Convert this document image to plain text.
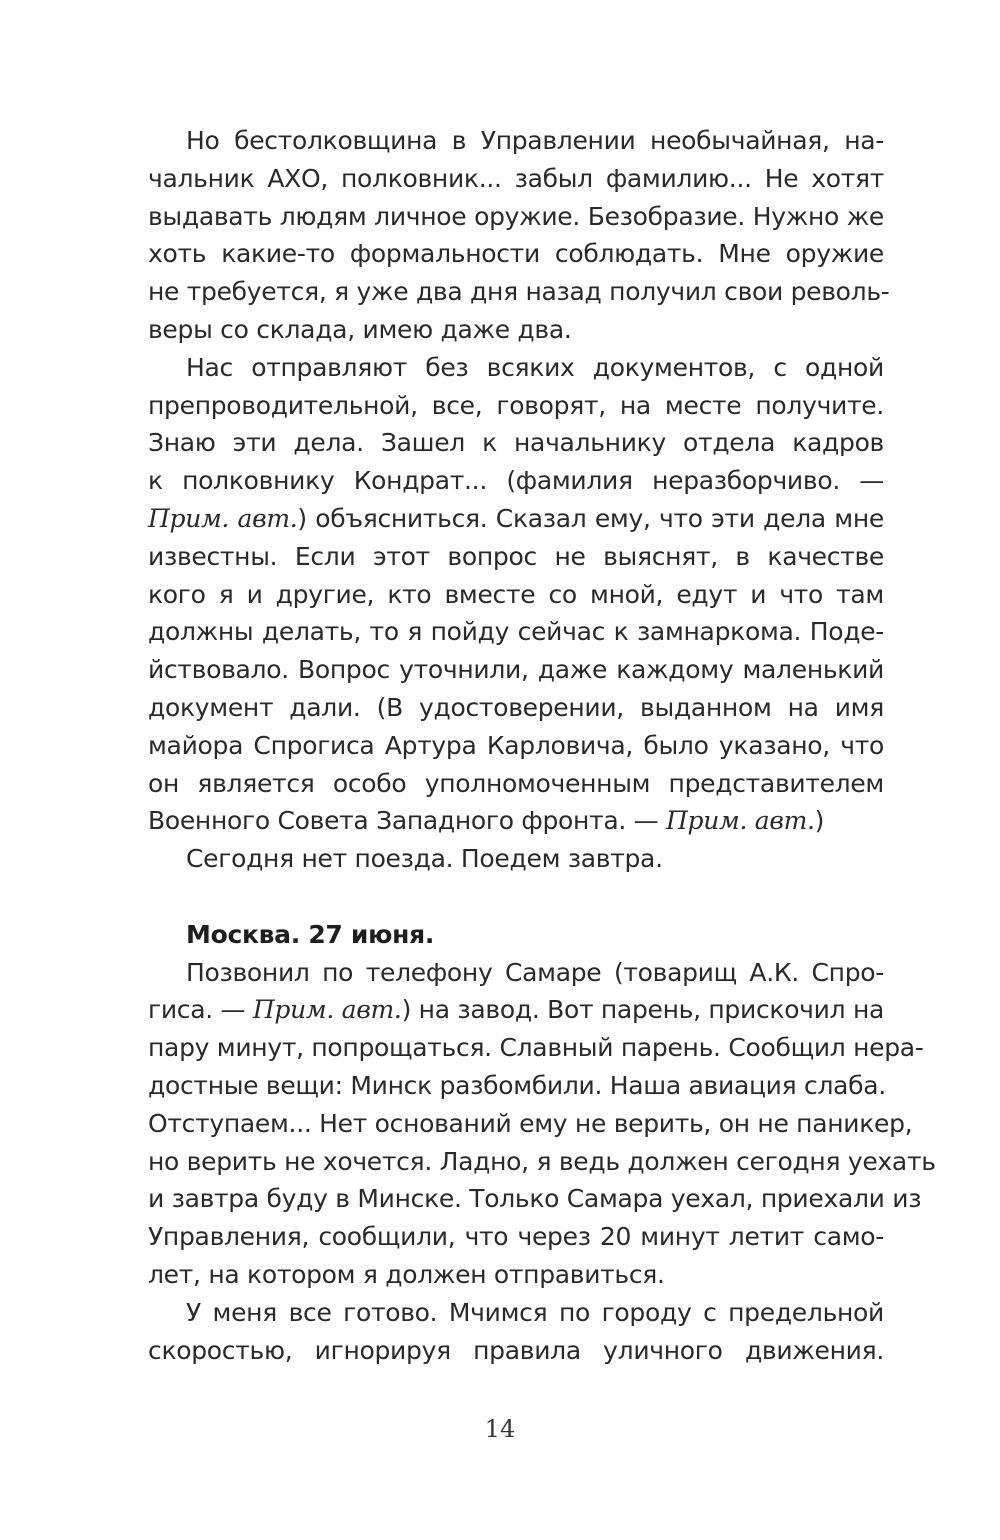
Но бестолковщина в Управлении необычайная, на-
чальник АХО, полковник... забыл фамилию... Не хотят
выдавать людям личное оружие. Безобразие. Нужно же
хоть какие-то формальности соблюдать. Мне оружие
не требуется, я уже два дня назад получил свои револь-
веры со склада, имею даже два.
Нас отправляют без всяких документов, с одной
препроводительной, все, говорят, на месте получите.
Знаю эти дела. Зашел к начальнику отдела кадров
к полковнику Кондрат... (фамилия неразборчиво. —
Прим. авт.) объясниться. Сказал ему, что эти дела мне
известны. Если этот вопрос не выяснят, в качестве
кого я и другие, кто вместе со мной, едут и что там
должны делать, то я пойду сейчас к замнаркома. Поде-
йствовало. Вопрос уточнили, даже каждому маленький
документ дали. (В удостоверении, выданном на имя
майора Спрогиса Артура Карловича, было указано, что
он является особо уполномоченным представителем
Военного Совета Западного фронта. — Прим. авт.)
Сегодня нет поезда. Поедем завтра.
Москва. 27 июня.
Позвонил по телефону Самаре (товарищ А.К. Спро-
гиса. — Прим. авт.) на завод. Вот парень, прискочил на
пару минут, попрощаться. Славный парень. Сообщил нера-
достные вещи: Минск разбомбили. Наша авиация слаба.
Отступаем... Нет оснований ему не верить, он не паникер,
но верить не хочется. Ладно, я ведь должен сегодня уехать
и завтра буду в Минске. Только Самара уехал, приехали из
Управления, сообщили, что через 20 минут летит само-
лет, на котором я должен отправиться.
У меня все готово. Мчимся по городу с предельной
скоростью, игнорируя правила уличного движения.
14
